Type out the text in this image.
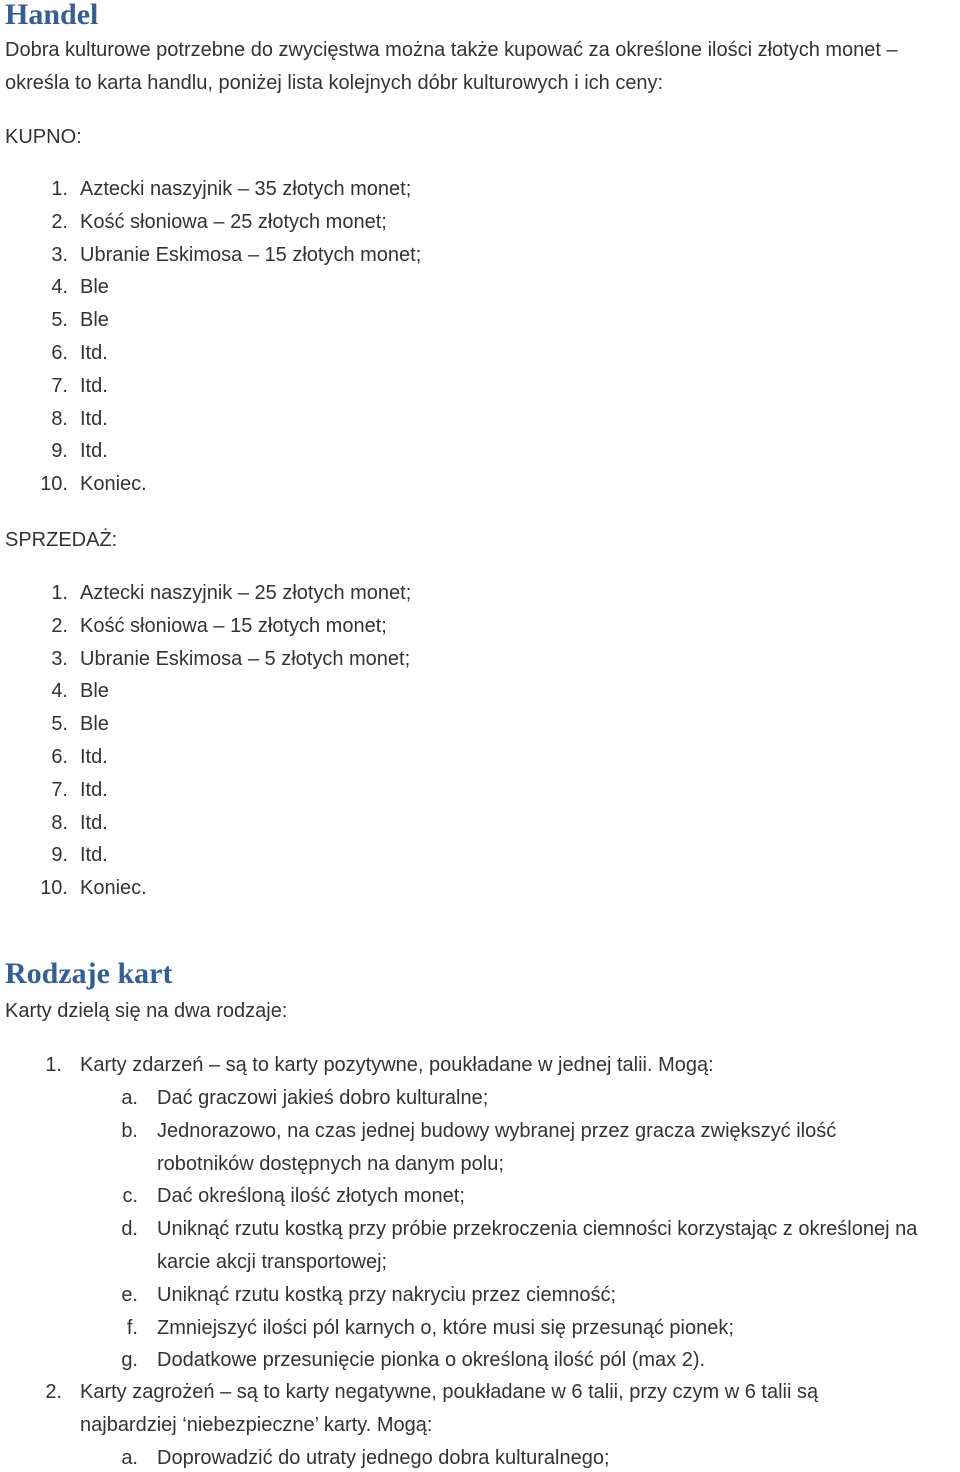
Handel
Dobra kulturowe potrzebne do zwycięstwa można także kupować za określone ilości złotych monet –
określa to karta handlu, poniżej lista kolejnych dóbr kulturowych i ich ceny:
KUPNO:
1. Aztecki naszyjnik – 35 złotych monet;
2. Kość słoniowa – 25 złotych monet;
3. Ubranie Eskimosa – 15 złotych monet;
4. Ble
5. Ble
6. Itd.
7. Itd.
8. Itd.
9. Itd.
10. Koniec.
SPRZEDAŻ:
1. Aztecki naszyjnik – 25 złotych monet;
2. Kość słoniowa – 15 złotych monet;
3. Ubranie Eskimosa – 5 złotych monet;
4. Ble
5. Ble
6. Itd.
7. Itd.
8. Itd.
9. Itd.
10. Koniec.
Rodzaje kart
Karty dzielą się na dwa rodzaje:
1. Karty zdarzeń – są to karty pozytywne, poukładane w jednej talii. Mogą:
a. Dać graczowi jakieś dobro kulturalne;
b. Jednorazowo, na czas jednej budowy wybranej przez gracza zwiększyć ilość
robotników dostępnych na danym polu;
c. Dać określoną ilość złotych monet;
d. Uniknąć rzutu kostką przy próbie przekroczenia ciemności korzystając z określonej na
karcie akcji transportowej;
e. Uniknąć rzutu kostką przy nakryciu przez ciemność;
f. Zmniejszyć ilości pól karnych o, które musi się przesunąć pionek;
g. Dodatkowe przesunięcie pionka o określoną ilość pól (max 2).
2. Karty zagrożeń – są to karty negatywne, poukładane w 6 talii, przy czym w 6 talii są
najbardziej ‘niebezpieczne’ karty. Mogą:
a. Doprowadzić do utraty jednego dobra kulturalnego;
